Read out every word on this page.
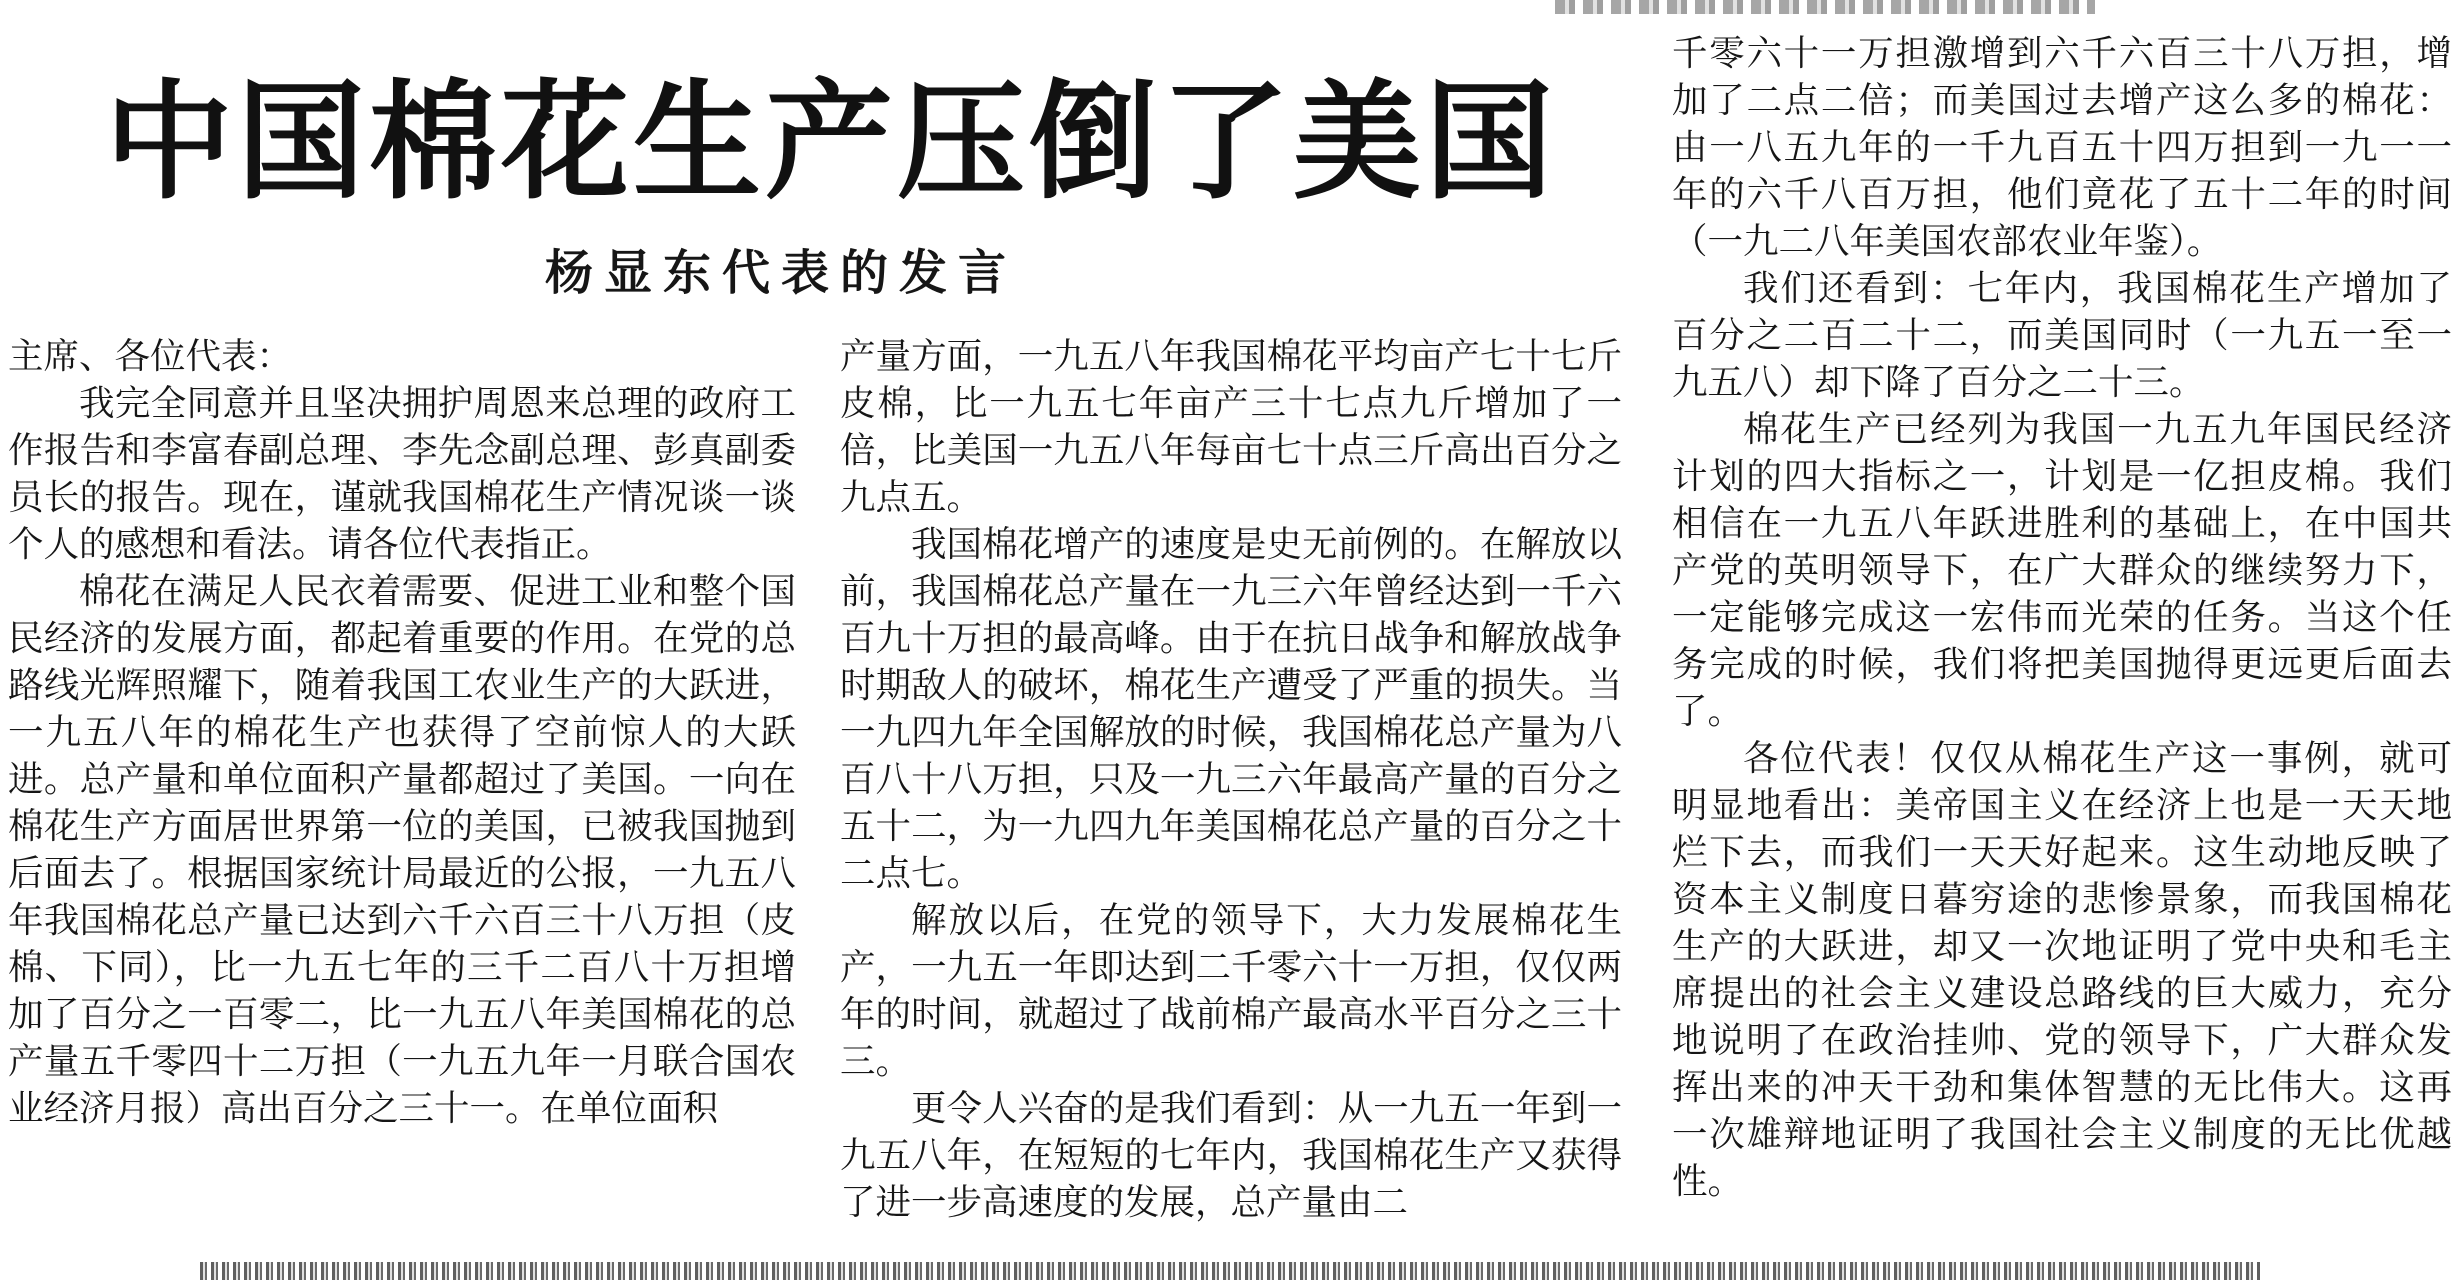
中国棉花生产压倒了美国
杨显东代表的发言

主席、各位代表：

我完全同意并且坚决拥护周恩来总理的政府工作报告和李富春副总理、李先念副总理、彭真副委员长的报告。现在，谨就我国棉花生产情况谈一谈个人的感想和看法。请各位代表指正。

棉花在满足人民衣着需要、促进工业和整个国民经济的发展方面，都起着重要的作用。在党的总路线光辉照耀下，随着我国工农业生产的大跃进，一九五八年的棉花生产也获得了空前惊人的大跃进。总产量和单位面积产量都超过了美国。一向在棉花生产方面居世界第一位的美国，已被我国抛到后面去了。根据国家统计局最近的公报，一九五八年我国棉花总产量已达到六千六百三十八万担（皮棉、下同），比一九五七年的三千二百八十万担增加了百分之一百零二，比一九五八年美国棉花的总产量五千零四十二万担（一九五九年一月联合国农业经济月报）高出百分之三十一。在单位面积

产量方面，一九五八年我国棉花平均亩产七十七斤皮棉，比一九五七年亩产三十七点九斤增加了一倍，比美国一九五八年每亩七十点三斤高出百分之九点五。

我国棉花增产的速度是史无前例的。在解放以前，我国棉花总产量在一九三六年曾经达到一千六百九十万担的最高峰。由于在抗日战争和解放战争时期敌人的破坏，棉花生产遭受了严重的损失。当一九四九年全国解放的时候，我国棉花总产量为八百八十八万担，只及一九三六年最高产量的百分之五十二，为一九四九年美国棉花总产量的百分之十二点七。

解放以后，在党的领导下，大力发展棉花生产，一九五一年即达到二千零六十一万担，仅仅两年的时间，就超过了战前棉产最高水平百分之三十三。

更令人兴奋的是我们看到：从一九五一年到一九五八年，在短短的七年内，我国棉花生产又获得了进一步高速度的发展，总产量由二

千零六十一万担激增到六千六百三十八万担，增加了二点二倍；而美国过去增产这么多的棉花：由一八五九年的一千九百五十四万担到一九一一年的六千八百万担，他们竟花了五十二年的时间（一九二八年美国农部农业年鉴）。

我们还看到：七年内，我国棉花生产增加了百分之二百二十二，而美国同时（一九五一至一九五八）却下降了百分之二十三。

棉花生产已经列为我国一九五九年国民经济计划的四大指标之一，计划是一亿担皮棉。我们相信在一九五八年跃进胜利的基础上，在中国共产党的英明领导下，在广大群众的继续努力下，一定能够完成这一宏伟而光荣的任务。当这个任务完成的时候，我们将把美国抛得更远更后面去了。

各位代表！仅仅从棉花生产这一事例，就可明显地看出：美帝国主义在经济上也是一天天地烂下去，而我们一天天好起来。这生动地反映了资本主义制度日暮穷途的悲惨景象，而我国棉花生产的大跃进，却又一次地证明了党中央和毛主席提出的社会主义建设总路线的巨大威力，充分地说明了在政治挂帅、党的领导下，广大群众发挥出来的冲天干劲和集体智慧的无比伟大。这再一次雄辩地证明了我国社会主义制度的无比优越性。
